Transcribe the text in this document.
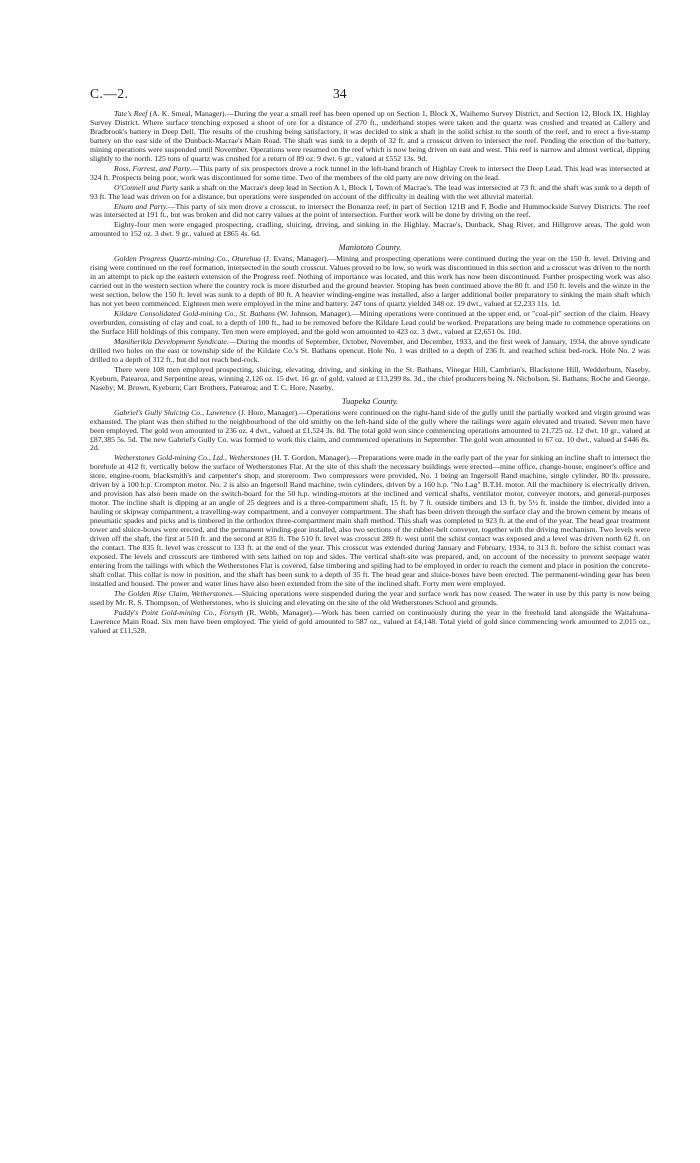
C.—2.	34

Tate's Reef (A. K. Smeal, Manager).—During the year a small reef has been opened up on Section 1, Block X, Waihemo Survey District, and Section 12, Block IX, Highlay Survey District. Where surface trenching exposed a shoot of ore for a distance of 270 ft., underhand stopes were taken and the quartz was crushed and treated at Callery and Bradbrook's battery in Deep Dell. The results of the crushing being satisfactory, it was decided to sink a shaft in the solid schist to the south of the reef, and to erect a five-stamp battery on the east side of the Dunback-Macrae's Main Road. The shaft was sunk to a depth of 32 ft. and a crosscut driven to intersect the reef. Pending the erection of the battery, mining operations were suspended until November. Operations were resumed on the reef which is now being driven on east and west. This reef is narrow and almost vertical, dipping slightly to the north. 125 tons of quartz was crushed for a return of 89 oz. 9 dwt. 6 gr., valued at £552 13s. 9d.

Ross, Forrest, and Party.—This party of six prospectors drove a rock tunnel in the left-hand branch of Highlay Creek to intersect the Deep Lead. This lead was intersected at 324 ft. Prospects being poor, work was discontinued for some time. Two of the members of the old party are now driving on the lead.

O'Connell and Party sank a shaft on the Macrae's deep lead in Section A 1, Block I, Town of Macrae's. The lead was intersected at 73 ft. and the shaft was sunk to a depth of 93 ft. The lead was driven on for a distance, but operations were suspended on account of the difficulty in dealing with the wet alluvial material.

Elsum and Party.—This party of six men drove a crosscut, to intersect the Bonanza reef, in part of Section 121B and F, Bodie and Hummockside Survey Districts. The reef was intersected at 191 ft., but was broken and did not carry values at the point of intersection. Further work will be done by driving on the reef.

Eighty-four men were engaged prospecting, cradling, sluicing, driving, and sinking in the Highlay, Macrae's, Dunback, Shag River, and Hillgrove areas. The gold won amounted to 152 oz. 3 dwt. 9 gr., valued at £865 4s. 6d.

Maniototo County.

Golden Progress Quartz-mining Co., Oturehua (J. Evans, Manager).—Mining and prospecting operations were continued during the year on the 150 ft. level. Driving and rising were continued on the reef formation, intersected in the south crosscut. Values proved to be low, so work was discontinued in this section and a crosscut was driven to the north in an attempt to pick up the eastern extension of the Progress reef. Nothing of importance was located, and this work has now been discontinued. Further prospecting work was also carried out in the western section where the country rock is more disturbed and the ground heavier. Stoping has been continued above the 80 ft. and 150 ft. levels and the winze in the west section, below the 150 ft. level was sunk to a depth of 80 ft. A heavier winding-engine was installed, also a larger additional boiler preparatory to sinking the main shaft which has not yet been commenced. Eighteen men were employed in the mine and battery. 247 tons of quartz yielded 348 oz. 19 dwt., valued at £2,233 11s. 1d.

Kildare Consolidated Gold-mining Co., St. Bathans (W. Johnson, Manager).—Mining operations were continued at the upper end, or "coal-pit" section of the claim. Heavy overburden, consisting of clay and coal, to a depth of 100 ft., had to be removed before the Kildare Lead could be worked. Preparations are being made to commence operations on the Surface Hill holdings of this company. Ten men were employed, and the gold won amounted to 423 oz. 3 dwt., valued at £2,651 0s. 10d.

Maniherikia Development Syndicate.—During the months of September, October, November, and December, 1933, and the first week of January, 1934, the above syndicate drilled two holes on the east or township side of the Kildare Co.'s St. Bathans opencut. Hole No. 1 was drilled to a depth of 236 ft. and reached schist bed-rock. Hole No. 2 was drilled to a depth of 312 ft., but did not reach bed-rock.

There were 108 men employed prospecting, sluicing, elevating, driving, and sinking in the St. Bathans, Vinegar Hill, Cambrian's, Blackstone Hill, Wedderburn, Naseby, Kyeburn, Patearoa, and Serpentine areas, winning 2,126 oz. 15 dwt. 16 gr. of gold, valued at £13,299 8s. 3d., the chief producers being N. Nicholson, St. Bathans; Roche and George, Naseby; M. Brown, Kyeburn; Carr Brothers, Patearoa; and T. C. Hore, Naseby.

Tuapeka County.

Gabriel's Gully Sluicing Co., Lawrence (J. Hore, Manager).—Operations were continued on the right-hand side of the gully until the partially worked and virgin ground was exhausted. The plant was then shifted to the neighbourhood of the old smithy on the left-hand side of the gully where the tailings were again elevated and treated. Seven men have been employed. The gold won amounted to 236 oz. 4 dwt., valued at £1,524 3s. 8d. The total gold won since commencing operations amounted to 21,725 oz. 12 dwt. 10 gr., valued at £87,385 5s. 5d. The new Gabriel's Gully Co. was formed to work this claim, and commenced operations in September. The gold won amounted to 67 oz. 10 dwt., valued at £446 8s. 2d.

Wetherstones Gold-mining Co., Ltd., Wetherstones (H. T. Gordon, Manager).—Preparations were made in the early part of the year for sinking an incline shaft to intersect the borehole at 412 ft. vertically below the surface of Wetherstones Flat. At the site of this shaft the necessary buildings were erected—mine office, change-house, engineer's office and store, engine-room, blacksmith's and carpenter's shop, and storeroom. Two compressors were provided, No. 1 being an Ingersoll Rand machine, single cylinder, 80 lb. pressure, driven by a 100 h.p. Crompton motor. No. 2 is also an Ingersoll Rand machine, twin cylinders, driven by a 160 h.p. "No Lag" B.T.H. motor. All the machinery is electrically driven, and provision has also been made on the switch-board for the 50 h.p. winding-motors at the inclined and vertical shafts, ventilator motor, conveyer motors, and general-purposes motor. The incline shaft is dipping at an angle of 25 degrees and is a three-compartment shaft, 15 ft. by 7 ft. outside timbers and 13 ft. by 5½ ft. inside the timber, divided into a hauling or skipway compartment, a travelling-way compartment, and a conveyer compartment. The shaft has been driven through the surface clay and the brown cement by means of pneumatic spades and picks and is timbered in the orthodox three-compartment main shaft method. This shaft was completed to 923 ft. at the end of the year. The head gear treatment tower and sluice-boxes were erected, and the permanent winding-gear installed, also two sections of the rubber-belt conveyer, together with the driving mechanism. Two levels were driven off the shaft, the first at 510 ft. and the second at 835 ft. The 510 ft. level was crosscut 289 ft. west until the schist contact was exposed and a level was driven north 62 ft. on the contact. The 835 ft. level was crosscut to 133 ft. at the end of the year. This crosscut was extended during January and February, 1934, to 313 ft. before the schist contact was exposed. The levels and crosscuts are timbered with sets lathed on top and sides. The vertical shaft-site was prepared, and, on account of the necessity to prevent seepage water entering from the tailings with which the Wetherstones Flat is covered, false timbering and spiling had to be employed in order to reach the cement and place in position the concrete-shaft collar. This collar is now in position, and the shaft has been sunk to a depth of 35 ft. The head gear and sluice-boxes have been erected. The permanent-winding gear has been installed and housed. The power and water lines have also been extended from the site of the inclined shaft. Forty men were employed.

The Golden Rise Claim, Wetherstones.—Sluicing operations were suspended during the year and surface work has now ceased. The water in use by this party is now being used by Mr. R. S. Thompson, of Wetherstones, who is sluicing and elevating on the site of the old Wetherstones School and grounds.

Paddy's Point Gold-mining Co., Forsyth (R. Webb, Manager).—Work has been carried on continuously during the year in the freehold land alongside the Waitahuna-Lawrence Main Road. Six men have been employed. The yield of gold amounted to 587 oz., valued at £4,148. Total yield of gold since commencing work amounted to 2,015 oz., valued at £11,528.
